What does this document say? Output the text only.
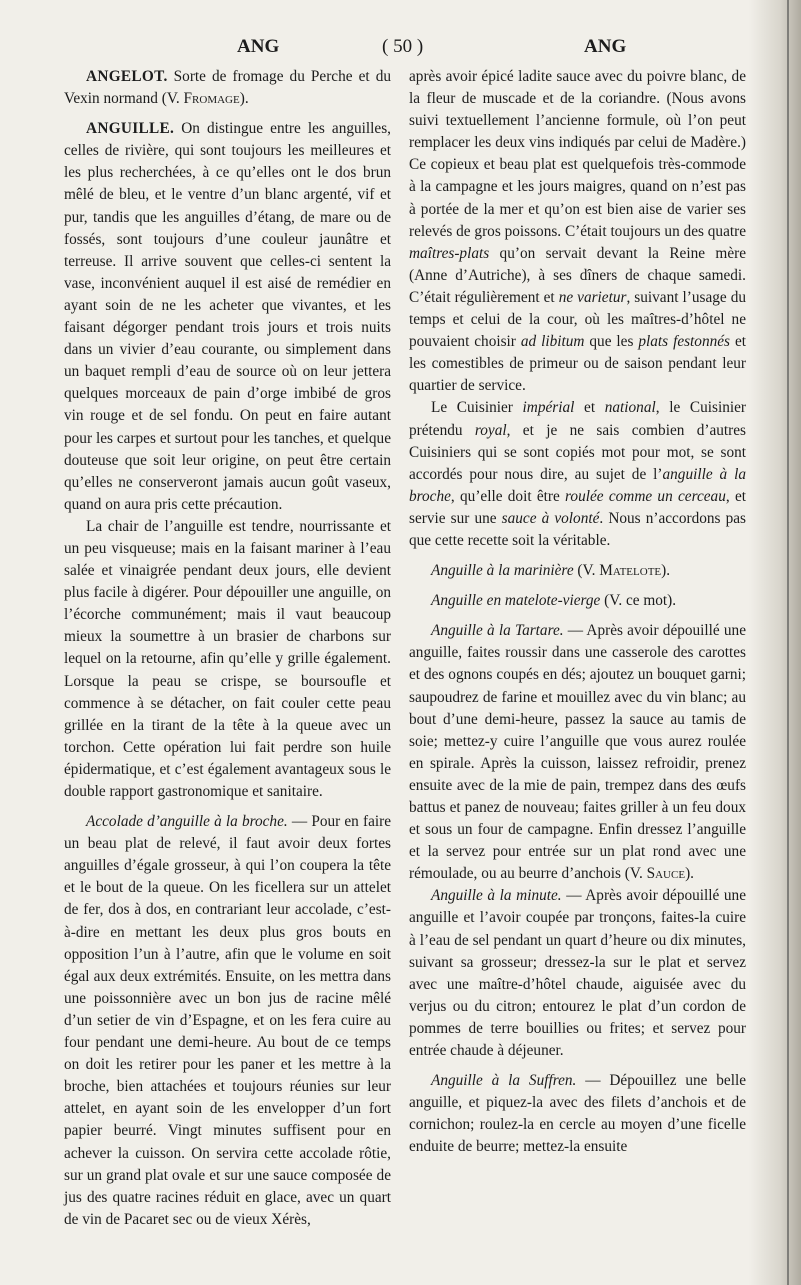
ANG	( 50 )	ANG

ANGELOT. Sorte de fromage du Perche et du Vexin normand (V. Fromage).

ANGUILLE. On distingue entre les anguilles, celles de rivière, qui sont toujours les meilleures et les plus recherchées, à ce qu’elles ont le dos brun mêlé de bleu, et le ventre d’un blanc argenté, vif et pur, tandis que les anguilles d’étang, de mare ou de fossés, sont toujours d’une couleur jaunâtre et terreuse. Il arrive souvent que celles-ci sentent la vase, inconvénient auquel il est aisé de remédier en ayant soin de ne les acheter que vivantes, et les faisant dégorger pendant trois jours et trois nuits dans un vivier d’eau courante, ou simplement dans un baquet rempli d’eau de source où on leur jettera quelques morceaux de pain d’orge imbibé de gros vin rouge et de sel fondu. On peut en faire autant pour les carpes et surtout pour les tanches, et quelque douteuse que soit leur origine, on peut être certain qu’elles ne conserveront jamais aucun goût vaseux, quand on aura pris cette précaution.

La chair de l’anguille est tendre, nourrissante et un peu visqueuse; mais en la faisant mariner à l’eau salée et vinaigrée pendant deux jours, elle devient plus facile à digérer. Pour dépouiller une anguille, on l’écorche communément; mais il vaut beaucoup mieux la soumettre à un brasier de charbons sur lequel on la retourne, afin qu’elle y grille également. Lorsque la peau se crispe, se boursoufle et commence à se détacher, on fait couler cette peau grillée en la tirant de la tête à la queue avec un torchon. Cette opération lui fait perdre son huile épidermatique, et c’est également avantageux sous le double rapport gastronomique et sanitaire.

Accolade d’anguille à la broche. — Pour en faire un beau plat de relevé, il faut avoir deux fortes anguilles d’égale grosseur, à qui l’on coupera la tête et le bout de la queue. On les ficellera sur un attelet de fer, dos à dos, en contrariant leur accolade, c’est-à-dire en mettant les deux plus gros bouts en opposition l’un à l’autre, afin que le volume en soit égal aux deux extrémités. Ensuite, on les mettra dans une poissonnière avec un bon jus de racine mêlé d’un setier de vin d’Espagne, et on les fera cuire au four pendant une demi-heure. Au bout de ce temps on doit les retirer pour les paner et les mettre à la broche, bien attachées et toujours réunies sur leur attelet, en ayant soin de les envelopper d’un fort papier beurré. Vingt minutes suffisent pour en achever la cuisson. On servira cette accolade rôtie, sur un grand plat ovale et sur une sauce composée de jus des quatre racines réduit en glace, avec un quart de vin de Pacaret sec ou de vieux Xérès,

après avoir épicé ladite sauce avec du poivre blanc, de la fleur de muscade et de la coriandre. (Nous avons suivi textuellement l’ancienne formule, où l’on peut remplacer les deux vins indiqués par celui de Madère.) Ce copieux et beau plat est quelquefois très-commode à la campagne et les jours maigres, quand on n’est pas à portée de la mer et qu’on est bien aise de varier ses relevés de gros poissons. C’était toujours un des quatre maîtres-plats qu’on servait devant la Reine mère (Anne d’Autriche), à ses dîners de chaque samedi. C’était régulièrement et ne varietur, suivant l’usage du temps et celui de la cour, où les maîtres-d’hôtel ne pouvaient choisir ad libitum que les plats festonnés et les comestibles de primeur ou de saison pendant leur quartier de service.

Le Cuisinier impérial et national, le Cuisinier prétendu royal, et je ne sais combien d’autres Cuisiniers qui se sont copiés mot pour mot, se sont accordés pour nous dire, au sujet de l’anguille à la broche, qu’elle doit être roulée comme un cerceau, et servie sur une sauce à volonté. Nous n’accordons pas que cette recette soit la véritable.

Anguille à la marinière (V. Matelote).

Anguille en matelote-vierge (V. ce mot).

Anguille à la Tartare. — Après avoir dépouillé une anguille, faites roussir dans une casserole des carottes et des ognons coupés en dés; ajoutez un bouquet garni; saupoudrez de farine et mouillez avec du vin blanc; au bout d’une demi-heure, passez la sauce au tamis de soie; mettez-y cuire l’anguille que vous aurez roulée en spirale. Après la cuisson, laissez refroidir, prenez ensuite avec de la mie de pain, trempez dans des œufs battus et panez de nouveau; faites griller à un feu doux et sous un four de campagne. Enfin dressez l’anguille et la servez pour entrée sur un plat rond avec une rémoulade, ou au beurre d’anchois (V. Sauce).

Anguille à la minute. — Après avoir dépouillé une anguille et l’avoir coupée par tronçons, faites-la cuire à l’eau de sel pendant un quart d’heure ou dix minutes, suivant sa grosseur; dressez-la sur le plat et servez avec une maître-d’hôtel chaude, aiguisée avec du verjus ou du citron; entourez le plat d’un cordon de pommes de terre bouillies ou frites; et servez pour entrée chaude à déjeuner.

Anguille à la Suffren. — Dépouillez une belle anguille, et piquez-la avec des filets d’anchois et de cornichon; roulez-la en cercle au moyen d’une ficelle enduite de beurre; mettez-la ensuite
